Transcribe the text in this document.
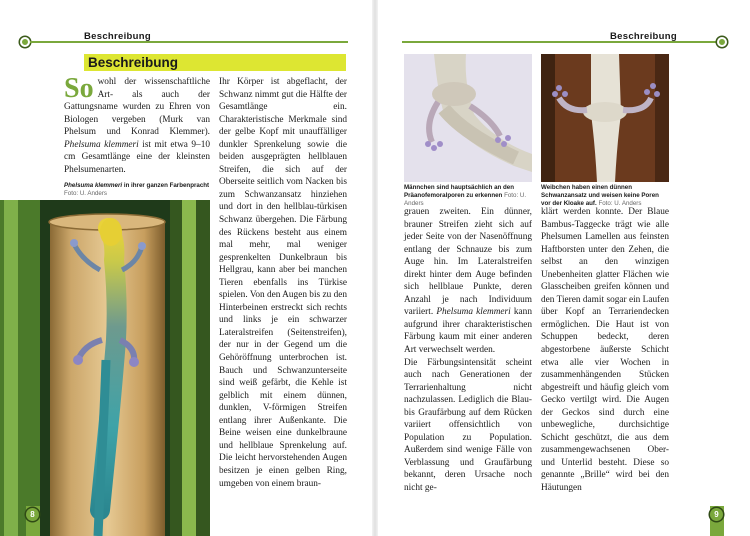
Beschreibung	Beschreibung
Beschreibung
So wohl der wissenschaftliche Art- als auch der Gattungsname wurden zu Ehren von Biologen vergeben (Murk van Phelsum und Konrad Klemmer). Phelsuma klemmeri ist mit etwa 9–10 cm Gesamtlänge eine der kleinsten Phelsumenarten.
Phelsuma klemmeri in ihrer ganzen Farbenpracht Foto: U. Anders
Ihr Körper ist abgeflacht, der Schwanz nimmt gut die Hälfte der Gesamtlänge ein. Charakteristische Merkmale sind der gelbe Kopf mit unauffälliger dunkler Sprenkelung sowie die beiden ausgeprägten hellblauen Streifen, die sich auf der Oberseite seitlich vom Nacken bis zum Schwanzansatz hinziehen und dort in den hellblau-türkisen Schwanz übergehen. Die Färbung des Rückens besteht aus einem mal mehr, mal weniger gesprenkelten Dunkelbraun bis Hellgrau, kann aber bei manchen Tieren ebenfalls ins Türkise spielen. Von den Augen bis zu den Hinterbeinen erstreckt sich rechts und links je ein schwarzer Lateralstreifen (Seitenstreifen), der nur in der Gegend um die Gehöröffnung unterbrochen ist. Bauch und Schwanzunterseite sind weiß gefärbt, die Kehle ist gelblich mit einem dünnen, dunklen, V-förmigen Streifen entlang ihrer Außenkante. Die Beine weisen eine dunkelbraune und hellblaue Sprenkelung auf. Die leicht hervorstehenden Augen besitzen je einen gelben Ring, umgeben von einem braun-
8
Männchen sind hauptsächlich an den Präanofemoralporen zu erkennen Foto: U. Anders
Weibchen haben einen dünnen Schwanzansatz und weisen keine Poren vor der Kloake auf. Foto: U. Anders

grauen zweiten. Ein dünner, brauner Streifen zieht sich auf jeder Seite von der Nasenöffnung entlang der Schnauze bis zum Auge hin. Im Lateralstreifen direkt hinter dem Auge befinden sich hellblaue Punkte, deren Anzahl je nach Individuum variiert. Phelsuma klemmeri kann aufgrund ihrer charakteristischen Färbung kaum mit einer anderen Art verwechselt werden.

Die Färbungsintensität scheint auch nach Generationen der Terrarienhaltung nicht nachzulassen. Lediglich die Blau- bis Graufärbung auf dem Rücken variiert offensichtlich von Population zu Population. Außerdem sind wenige Fälle von Verblassung und Graufärbung bekannt, deren Ursache noch nicht ge-

klärt werden konnte. Der Blaue Bambus-Taggecke trägt wie alle Phelsumen Lamellen aus feinsten Haftborsten unter den Zehen, die selbst an den winzigen Unebenheiten glatter Flächen wie Glasscheiben greifen können und den Tieren damit sogar ein Laufen über Kopf an Terrariendecken ermöglichen. Die Haut ist von Schuppen bedeckt, deren abgestorbene äußerste Schicht etwa alle vier Wochen in zusammenhängenden Stücken abgestreift und häufig gleich vom Gecko vertilgt wird. Die Augen der Geckos sind durch eine unbewegliche, durchsichtige Schicht geschützt, die aus dem zusammengewachsenen Ober- und Unterlid besteht. Diese so genannte „Brille“ wird bei den Häutungen
9
